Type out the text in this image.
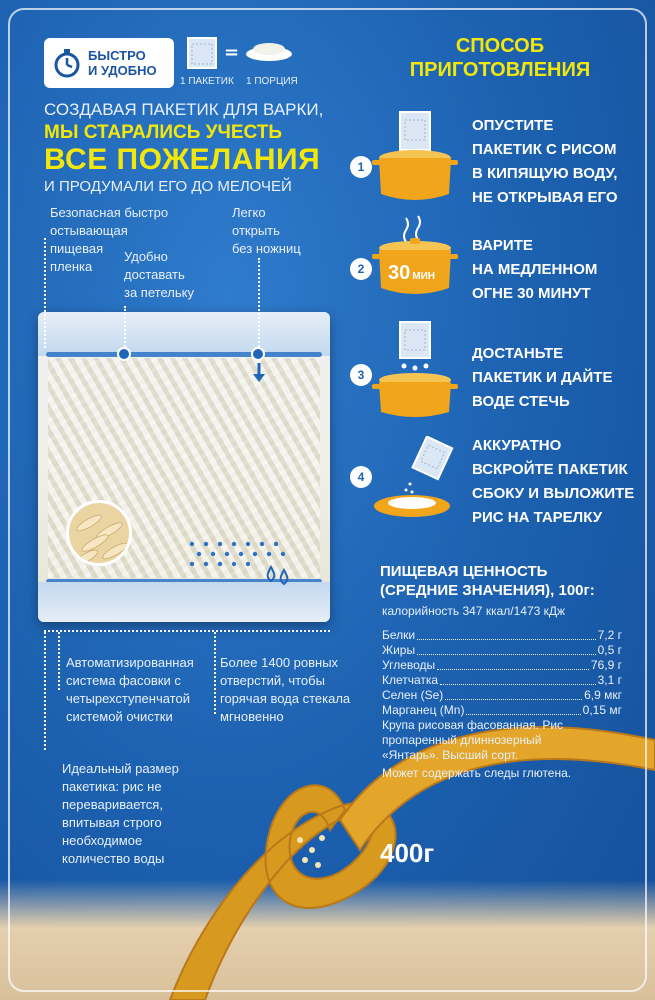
БЫСТРО
И УДОБНО
=
1 ПАКЕТИК 1 ПОРЦИЯ
СОЗДАВАЯ ПАКЕТИК ДЛЯ ВАРКИ,
МЫ СТАРАЛИСЬ УЧЕСТЬ
ВСЕ ПОЖЕЛАНИЯ
И ПРОДУМАЛИ ЕГО ДО МЕЛОЧЕЙ
Безопасная быстро
остывающая
пищевая
пленка
Легко
открыть
без ножниц
Удобно
доставать
за петельку
Автоматизированная
система фасовки с
четырехступенчатой
системой очистки
Более 1400 ровных
отверстий, чтобы
горячая вода стекала
мгновенно
Идеальный размер
пакетика: рис не
переваривается,
впитывая строго
необходимое
количество воды
СПОСОБ
ПРИГОТОВЛЕНИЯ
1
ОПУСТИТЕ
ПАКЕТИК С РИСОМ
В КИПЯЩУЮ ВОДУ,
НЕ ОТКРЫВАЯ ЕГО
2	30 МИН
ВАРИТЕ
НА МЕДЛЕННОМ
ОГНЕ 30 МИНУТ
3
ДОСТАНЬТЕ
ПАКЕТИК И ДАЙТЕ
ВОДЕ СТЕЧЬ
4
АККУРАТНО
ВСКРОЙТЕ ПАКЕТИК
СБОКУ И ВЫЛОЖИТЕ
РИС НА ТАРЕЛКУ
ПИЩЕВАЯ ЦЕННОСТЬ
(СРЕДНИЕ ЗНАЧЕНИЯ), 100г:
калорийность 347 ккал/1473 кДж
Белки	7,2 г
Жиры	0,5 г
Углеводы	76,9 г
Клетчатка	3,1 г
Селен (Se)	6,9 мкг
Марганец (Mn)	0,15 мг
Крупа рисовая фасованная. Рис
пропаренный длиннозерный
«Янтарь». Высший сорт.
Может содержать следы глютена.
400г
